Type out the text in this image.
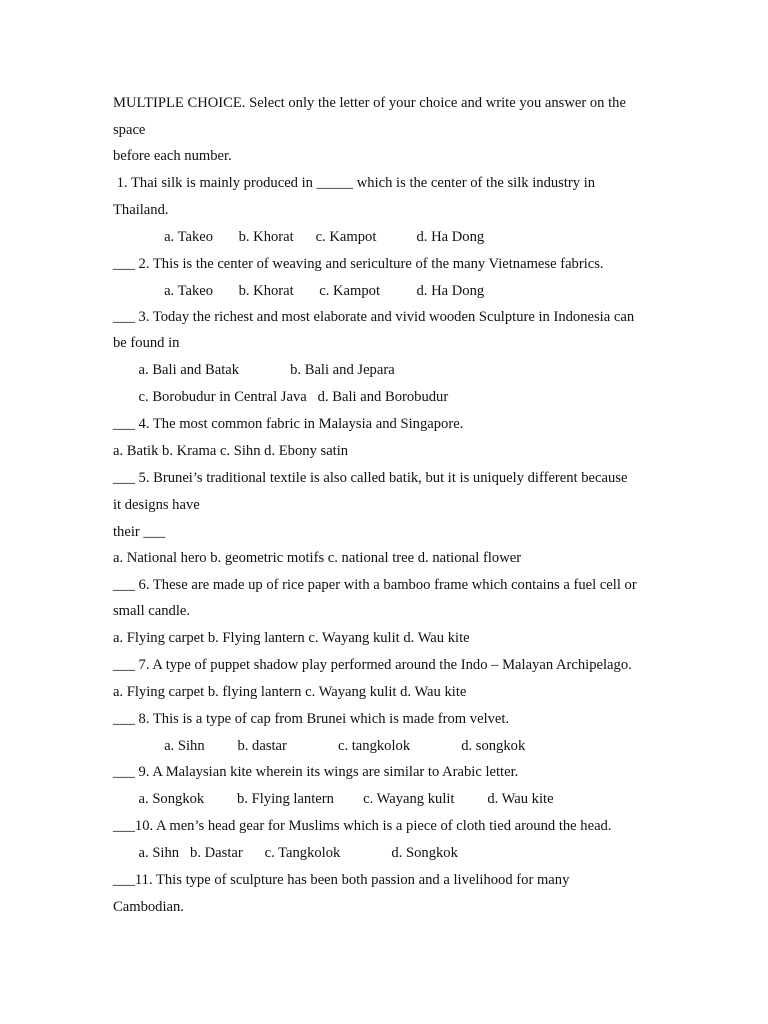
MULTIPLE CHOICE. Select only the letter of your choice and write you answer on the
space
before each number.
1. Thai silk is mainly produced in _____ which is the center of the silk industry in
Thailand.
a. Takeo       b. Khorat      c. Kampot           d. Ha Dong
___ 2. This is the center of weaving and sericulture of the many Vietnamese fabrics.
a. Takeo       b. Khorat       c. Kampot          d. Ha Dong
___ 3. Today the richest and most elaborate and vivid wooden Sculpture in Indonesia can
be found in
a. Bali and Batak              b. Bali and Jepara
c. Borobudur in Central Java   d. Bali and Borobudur
___ 4. The most common fabric in Malaysia and Singapore.
a. Batik b. Krama c. Sihn d. Ebony satin
___ 5. Brunei’s traditional textile is also called batik, but it is uniquely different because
it designs have
their ___
a. National hero b. geometric motifs c. national tree d. national flower
___ 6. These are made up of rice paper with a bamboo frame which contains a fuel cell or
small candle.
a. Flying carpet b. Flying lantern c. Wayang kulit d. Wau kite
___ 7. A type of puppet shadow play performed around the Indo – Malayan Archipelago.
a. Flying carpet b. flying lantern c. Wayang kulit d. Wau kite
___ 8. This is a type of cap from Brunei which is made from velvet.
a. Sihn         b. dastar              c. tangkolok              d. songkok
___ 9. A Malaysian kite wherein its wings are similar to Arabic letter.
a. Songkok         b. Flying lantern        c. Wayang kulit         d. Wau kite
___10. A men’s head gear for Muslims which is a piece of cloth tied around the head.
a. Sihn   b. Dastar      c. Tangkolok              d. Songkok
___11. This type of sculpture has been both passion and a livelihood for many
Cambodian.
